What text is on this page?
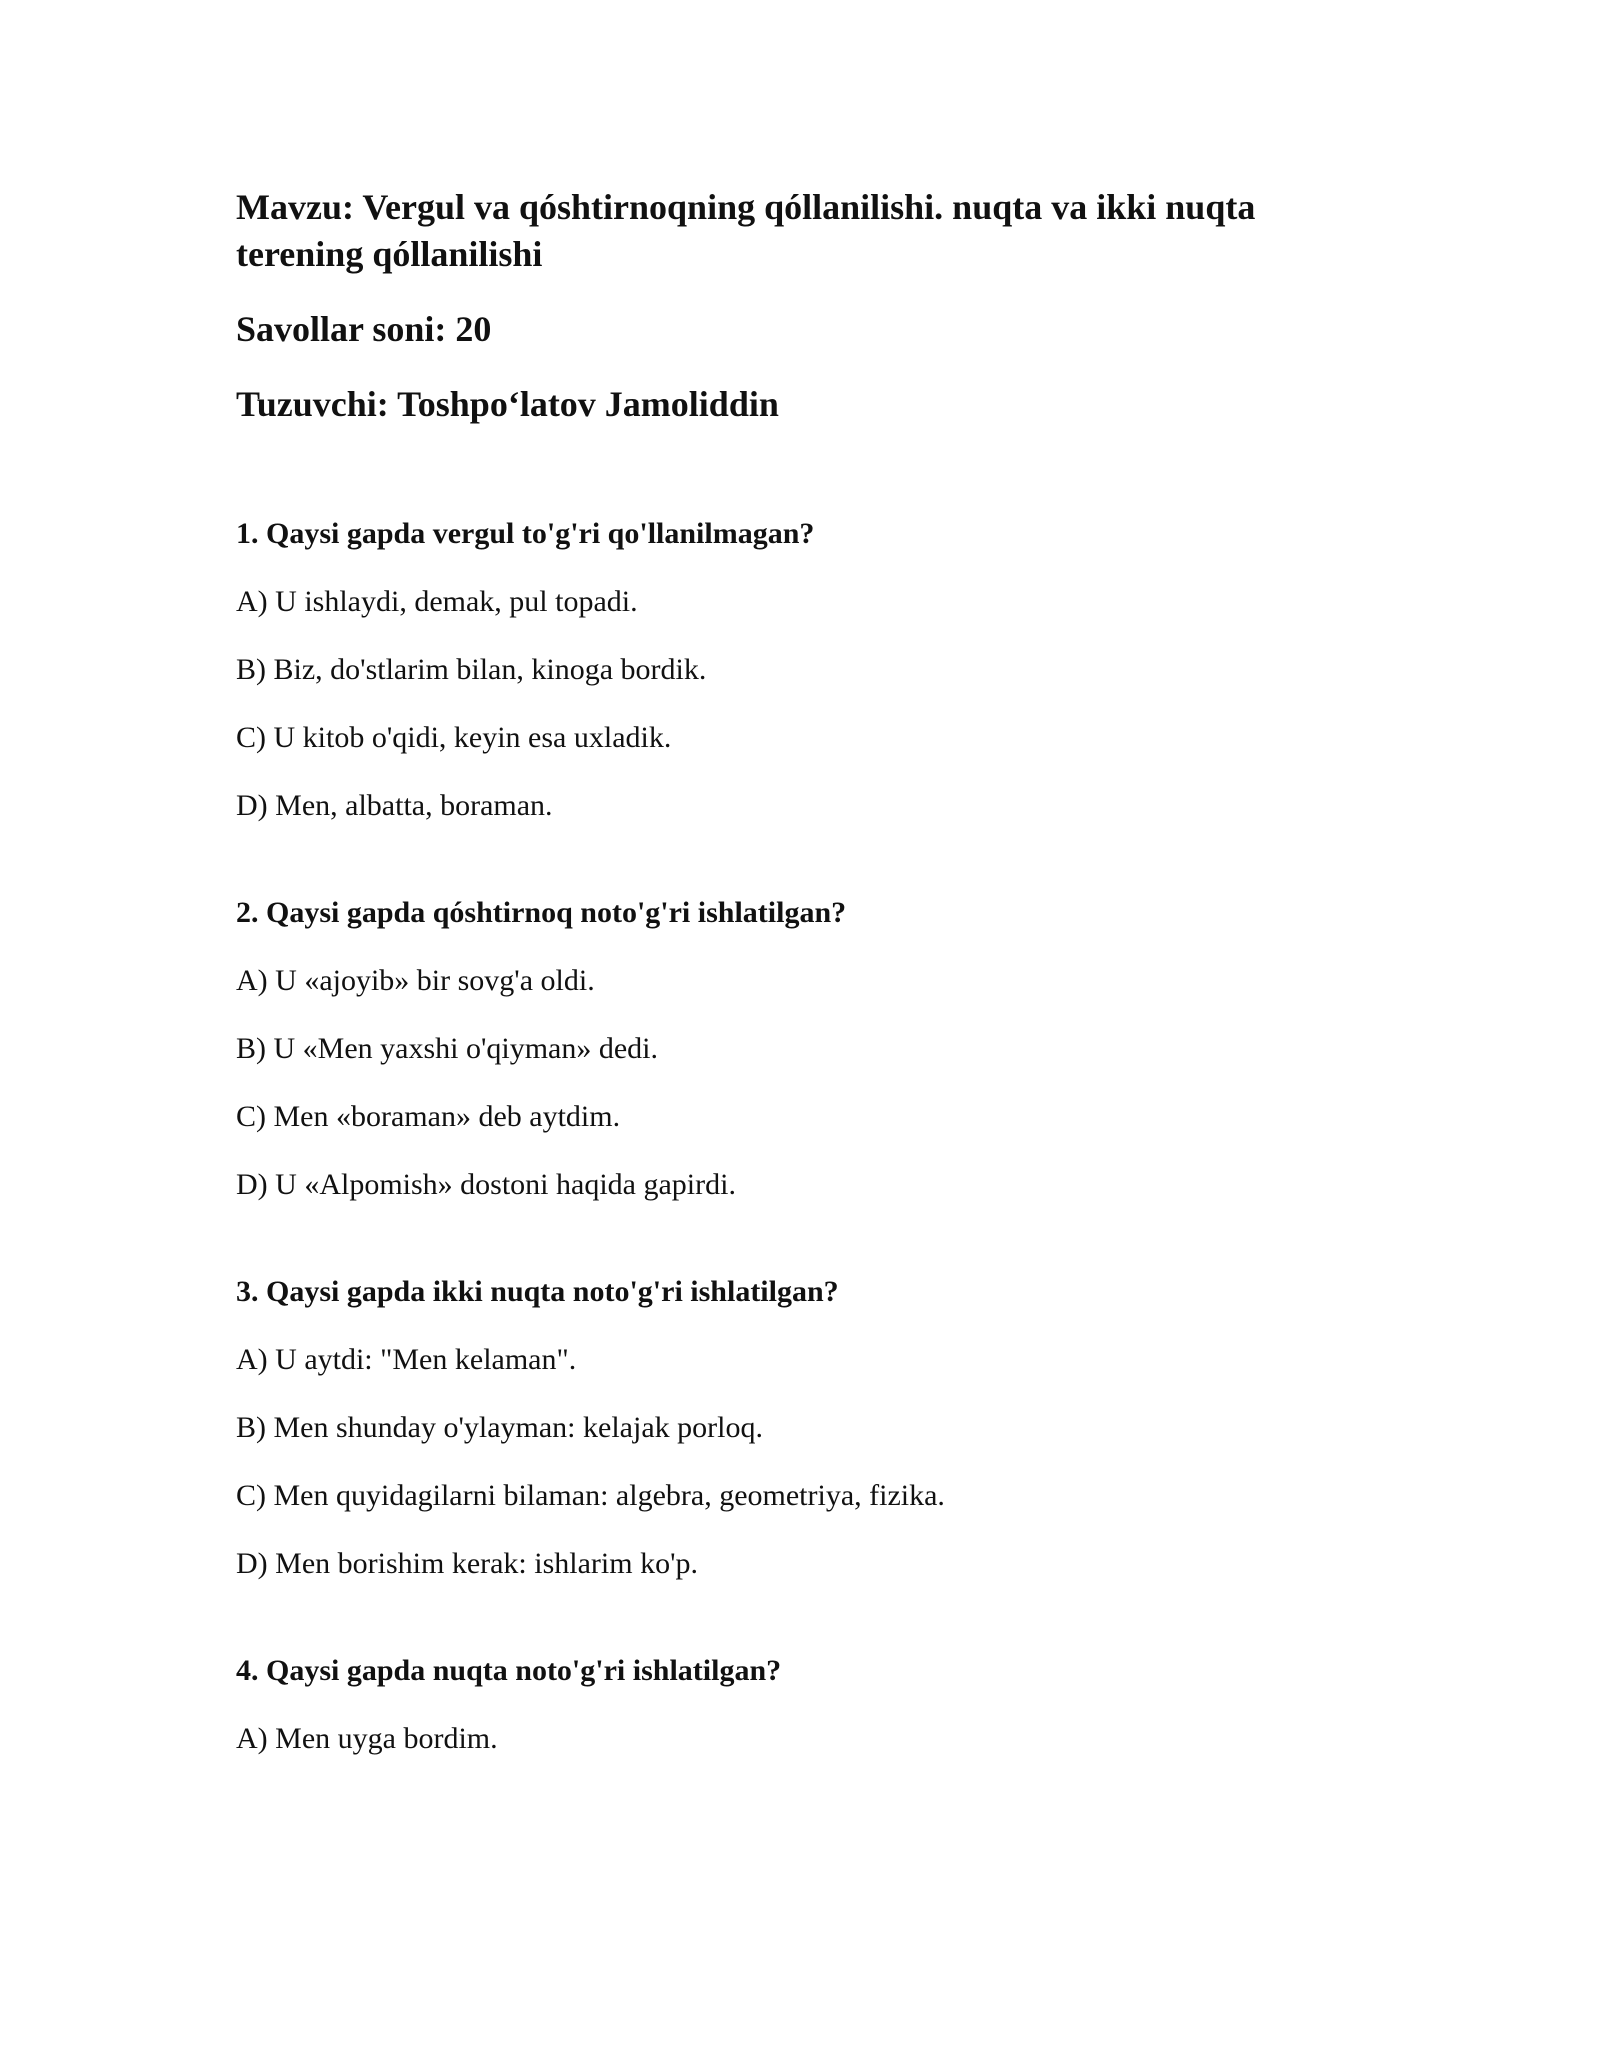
Mavzu: Vergul va qóshtirnoqning qóllanilishi. nuqta va ikki nuqta terening qóllanilishi
Savollar soni: 20
Tuzuvchi: Toshpo‘latov Jamoliddin

1. Qaysi gapda vergul to'g'ri qo'llanilmagan?

A) U ishlaydi, demak, pul topadi.

B) Biz, do'stlarim bilan, kinoga bordik.

C) U kitob o'qidi, keyin esa uxladik.

D) Men, albatta, boraman.

2. Qaysi gapda qóshtirnoq noto'g'ri ishlatilgan?

A) U «ajoyib» bir sovg'a oldi.

B) U «Men yaxshi o'qiyman» dedi.

C) Men «boraman» deb aytdim.

D) U «Alpomish» dostoni haqida gapirdi.

3. Qaysi gapda ikki nuqta noto'g'ri ishlatilgan?

A) U aytdi: "Men kelaman".

B) Men shunday o'ylayman: kelajak porloq.

C) Men quyidagilarni bilaman: algebra, geometriya, fizika.

D) Men borishim kerak: ishlarim ko'p.

4. Qaysi gapda nuqta noto'g'ri ishlatilgan?

A) Men uyga bordim.
